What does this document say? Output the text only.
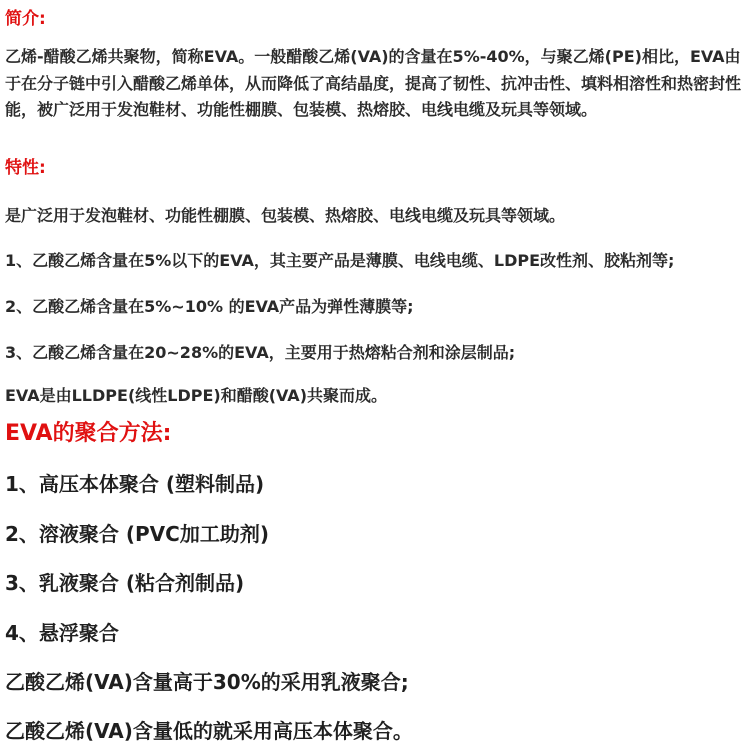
简介:

乙烯-醋酸乙烯共聚物，简称EVA。一般醋酸乙烯(VA)的含量在5%-40%，与聚乙烯(PE)相比，EVA由于在分子链中引入醋酸乙烯单体，从而降低了高结晶度，提高了韧性、抗冲击性、填料相溶性和热密封性能，被广泛用于发泡鞋材、功能性棚膜、包装模、热熔胶、电线电缆及玩具等领域。

特性:

是广泛用于发泡鞋材、功能性棚膜、包装模、热熔胶、电线电缆及玩具等领域。

1、乙酸乙烯含量在5%以下的EVA，其主要产品是薄膜、电线电缆、LDPE改性剂、胶粘剂等;

2、乙酸乙烯含量在5%~10% 的EVA产品为弹性薄膜等;

3、乙酸乙烯含量在20~28%的EVA，主要用于热熔粘合剂和涂层制品;

EVA是由LLDPE(线性LDPE)和醋酸(VA)共聚而成。

EVA的聚合方法:

1、高压本体聚合 (塑料制品)

2、溶液聚合 (PVC加工助剂)

3、乳液聚合 (粘合剂制品)

4、悬浮聚合

乙酸乙烯(VA)含量高于30%的采用乳液聚合;

乙酸乙烯(VA)含量低的就采用高压本体聚合。
